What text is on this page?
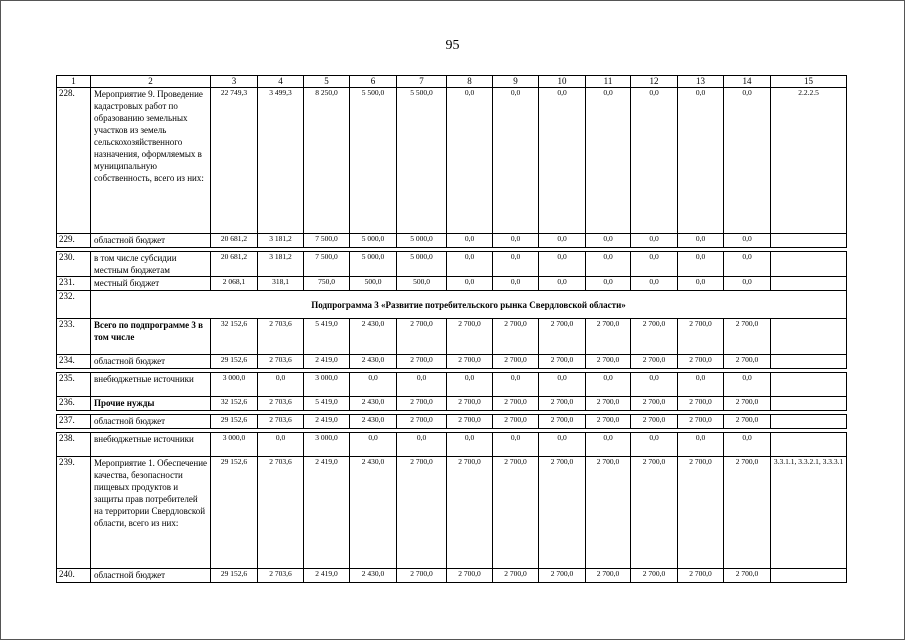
95
1	2	3	4	5	6	7	8	9	10	11	12	13	14	15
228.	Мероприятие 9. Проведение кадастровых работ по образованию земельных участков из земель сельскохозяйственного назначения, оформляемых в муниципальную собственность, всего из них:	22 749,3	3 499,3	8 250,0	5 500,0	5 500,0	0,0	0,0	0,0	0,0	0,0	0,0	0,0	2.2.2.5
229.	областной бюджет	20 681,2	3 181,2	7 500,0	5 000,0	5 000,0	0,0	0,0	0,0	0,0	0,0	0,0	0,0	

230.	в том числе субсидии местным бюджетам	20 681,2	3 181,2	7 500,0	5 000,0	5 000,0	0,0	0,0	0,0	0,0	0,0	0,0	0,0	
231.	местный бюджет	2 068,1	318,1	750,0	500,0	500,0	0,0	0,0	0,0	0,0	0,0	0,0	0,0	
232.	Подпрограмма 3 «Развитие потребительского рынка Свердловской области»													
233.	Всего по подпрограмме 3 в том числе	32 152,6	2 703,6	5 419,0	2 430,0	2 700,0	2 700,0	2 700,0	2 700,0	2 700,0	2 700,0	2 700,0	2 700,0	
234.	областной бюджет	29 152,6	2 703,6	2 419,0	2 430,0	2 700,0	2 700,0	2 700,0	2 700,0	2 700,0	2 700,0	2 700,0	2 700,0	

235.	внебюджетные источники	3 000,0	0,0	3 000,0	0,0	0,0	0,0	0,0	0,0	0,0	0,0	0,0	0,0	
236.	Прочие нужды	32 152,6	2 703,6	5 419,0	2 430,0	2 700,0	2 700,0	2 700,0	2 700,0	2 700,0	2 700,0	2 700,0	2 700,0	

237.	областной бюджет	29 152,6	2 703,6	2 419,0	2 430,0	2 700,0	2 700,0	2 700,0	2 700,0	2 700,0	2 700,0	2 700,0	2 700,0	

238.	внебюджетные источники	3 000,0	0,0	3 000,0	0,0	0,0	0,0	0,0	0,0	0,0	0,0	0,0	0,0	
239.	Мероприятие 1. Обеспечение качества, безопасности пищевых продуктов и защиты прав потребителей на территории Свердловской области, всего из них:	29 152,6	2 703,6	2 419,0	2 430,0	2 700,0	2 700,0	2 700,0	2 700,0	2 700,0	2 700,0	2 700,0	2 700,0	3.3.1.1, 3.3.2.1, 3.3.3.1
240.	областной бюджет	29 152,6	2 703,6	2 419,0	2 430,0	2 700,0	2 700,0	2 700,0	2 700,0	2 700,0	2 700,0	2 700,0	2 700,0	
